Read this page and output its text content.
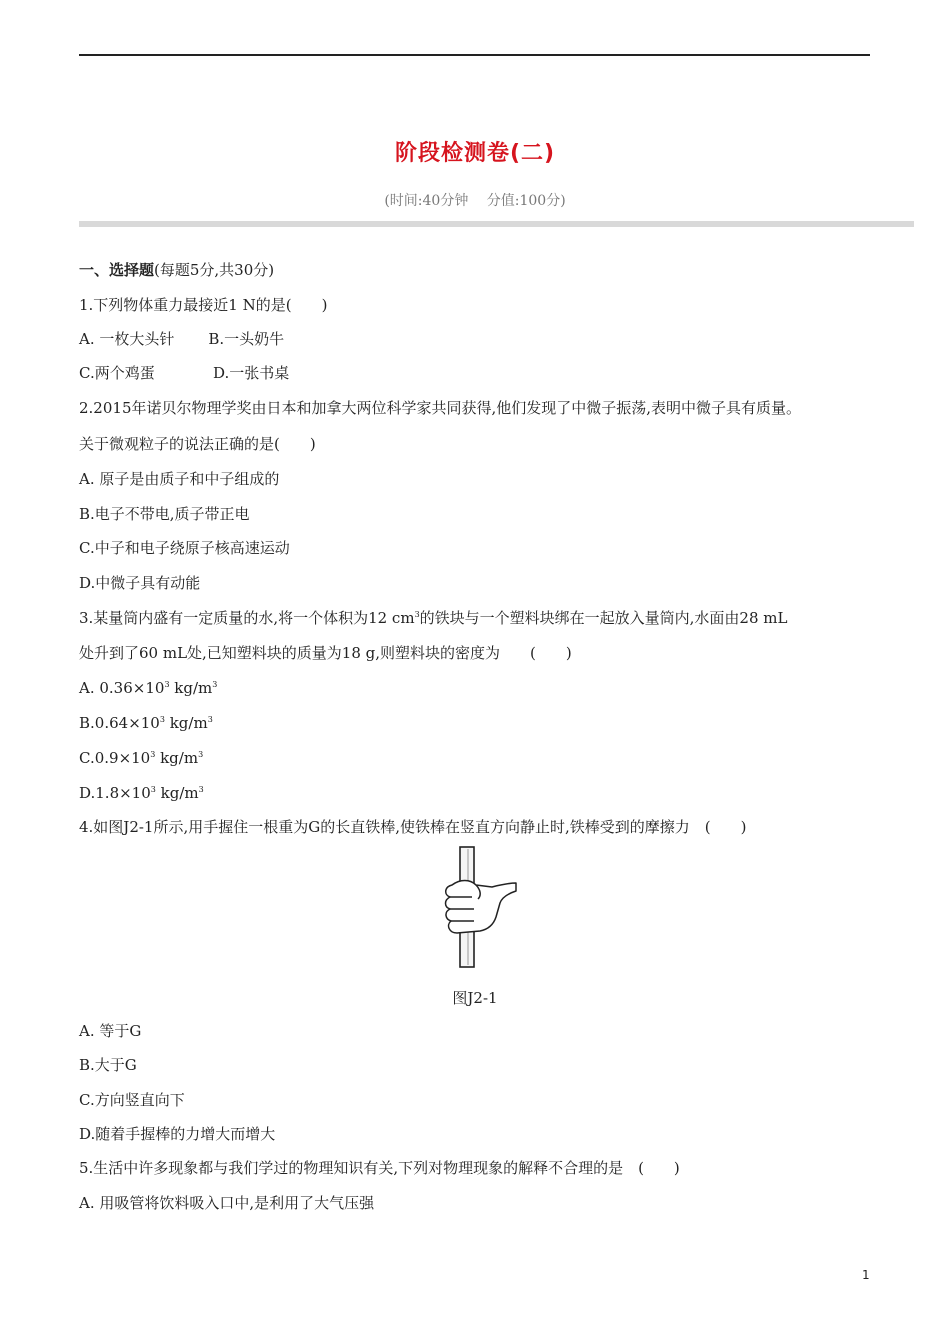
阶段检测卷(二)
(时间:40分钟　 分值:100分)
一、选择题(每题5分,共30分)
1.下列物体重力最接近1 N的是(　　)
A. 一枚大头针 B.一头奶牛
C.两个鸡蛋	D.一张书桌
2.2015年诺贝尔物理学奖由日本和加拿大两位科学家共同获得,他们发现了中微子振荡,表明中微子具有质量。
关于微观粒子的说法正确的是(　　)
A. 原子是由质子和中子组成的
B.电子不带电,质子带正电
C.中子和电子绕原子核高速运动
D.中微子具有动能
3.某量筒内盛有一定质量的水,将一个体积为12 $cm^3$的铁块与一个塑料块绑在一起放入量筒内,水面由28 mL
处升到了60 mL处,已知塑料块的质量为18 g,则塑料块的密度为　　(　　)
A. $0.36\times 10^3$ $kg/m^3$
$B.0.64\times 10^3$ $kg/m^3$
$C.0.9\times 10^3$ $kg/m^3$
$D.1.8\times 10^3$ $kg/m^3$
4.如图J2-1所示,用手握住一根重为G的长直铁棒,使铁棒在竖直方向静止时,铁棒受到的摩擦力　(　　)
图J2-1
A. 等于G
B.大于G
C.方向竖直向下
D.随着手握棒的力增大而增大
5.生活中许多现象都与我们学过的物理知识有关,下列对物理现象的解释不合理的是　(　　)
A. 用吸管将饮料吸入口中,是利用了大气压强
1
